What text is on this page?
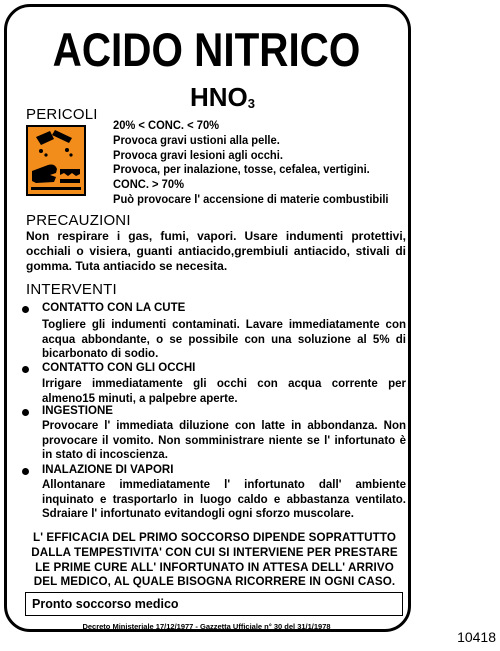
ACIDO NITRICO
HNO3
PERICOLI
20% < CONC. < 70%
Provoca gravi ustioni alla pelle.
Provoca gravi lesioni agli occhi.
Provoca, per inalazione, tosse, cefalea, vertigini.
CONC. > 70%
Può provocare l' accensione di materie combustibili
PRECAUZIONI
Non respirare i gas, fumi, vapori. Usare indumenti protettivi, occhiali o visiera, guanti antiacido,grembiuli antiacido, stivali di gomma. Tuta antiacido se necesita.
INTERVENTI
CONTATTO CON LA CUTE
Togliere gli indumenti contaminati. Lavare immediatamente con acqua abbondante, o se possibile con una soluzione al 5% di bicarbonato di sodio.
CONTATTO CON GLI OCCHI
Irrigare immediatamente gli occhi con acqua corrente per almeno15 minuti, a palpebre aperte.
INGESTIONE
Provocare l' immediata diluzione con latte in abbondanza. Non provocare il vomito. Non somministrare niente se l' infortunato è in stato di incoscienza.
INALAZIONE DI VAPORI
Allontanare immediatamente l' infortunato dall' ambiente inquinato e trasportarlo in luogo caldo e abbastanza ventilato. Sdraiare l' infortunato evitandogli ogni sforzo muscolare.
L' EFFICACIA DEL PRIMO SOCCORSO DIPENDE SOPRATTUTTO DALLA TEMPESTIVITA' CON CUI SI INTERVIENE PER PRESTARE LE PRIME CURE ALL' INFORTUNATO IN ATTESA DELL' ARRIVO DEL MEDICO, AL QUALE BISOGNA RICORRERE IN OGNI CASO.
Pronto soccorso medico
Decreto Ministeriale 17/12/1977 - Gazzetta Ufficiale n° 30 del 31/1/1978
10418
